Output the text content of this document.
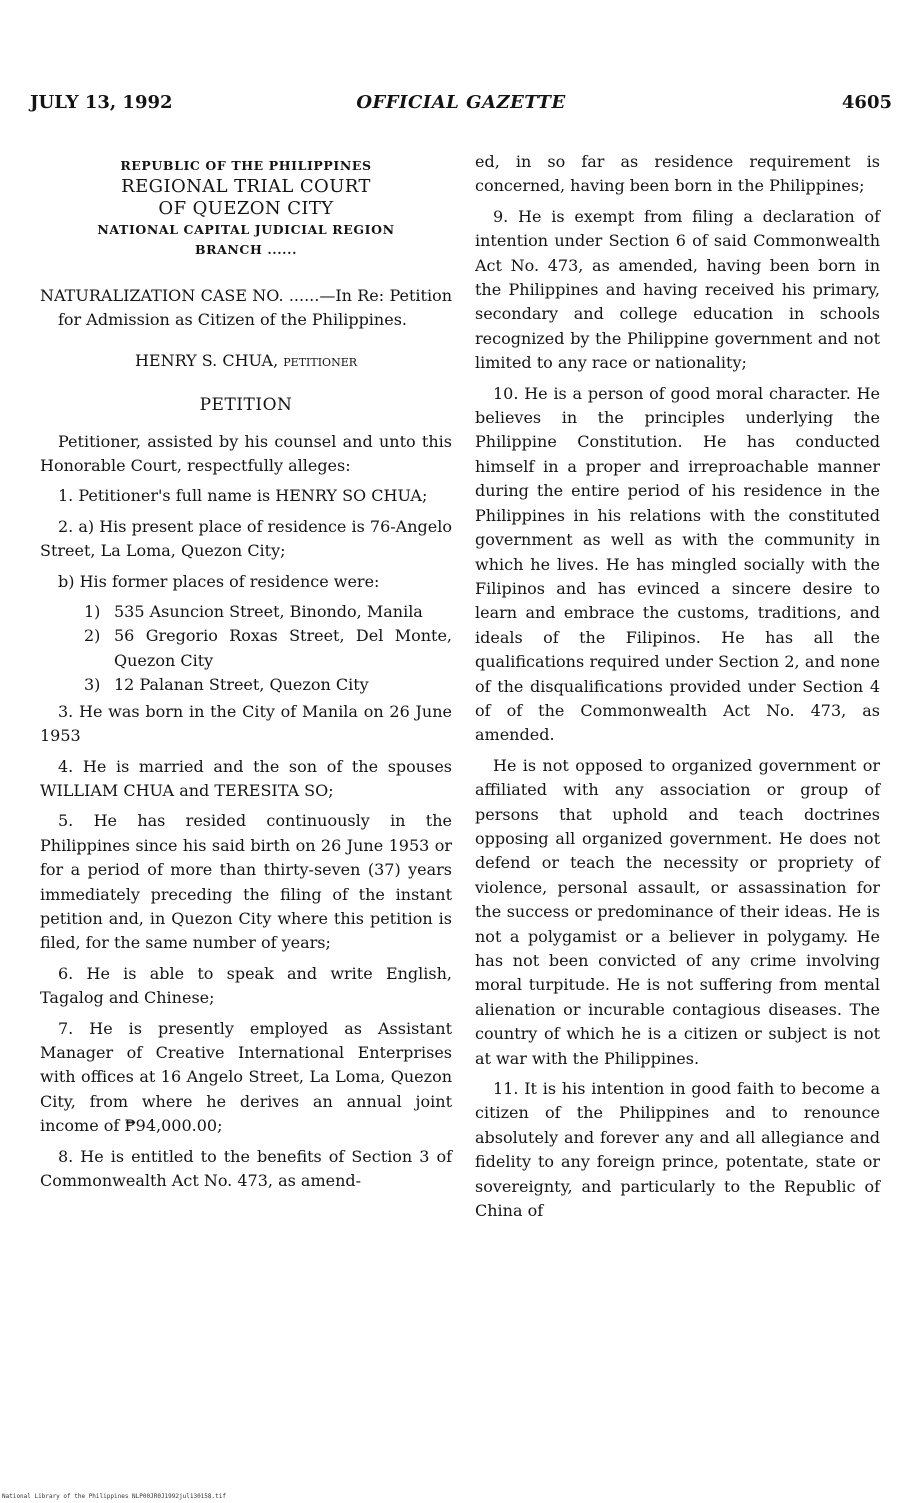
JULY 13, 1992	OFFICIAL GAZETTE	4605
REPUBLIC OF THE PHILIPPINES
REGIONAL TRIAL COURT
OF QUEZON CITY
NATIONAL CAPITAL JUDICIAL REGION
BRANCH ......

NATURALIZATION CASE NO. ......—In Re: Petition for Admission as Citizen of the Philippines.

HENRY S. CHUA, petitioner

PETITION

Petitioner, assisted by his counsel and unto this Honorable Court, respectfully alleges:

1. Petitioner's full name is HENRY SO CHUA;

2. a) His present place of residence is 76-Angelo Street, La Loma, Quezon City;

b) His former places of residence were:

1) 535 Asuncion Street, Binondo, Manila
2) 56 Gregorio Roxas Street, Del Monte, Quezon City
3) 12 Palanan Street, Quezon City

3. He was born in the City of Manila on 26 June 1953

4. He is married and the son of the spouses WILLIAM CHUA and TERESITA SO;

5. He has resided continuously in the Philippines since his said birth on 26 June 1953 or for a period of more than thirty-seven (37) years immediately preceding the filing of the instant petition and, in Quezon City where this petition is filed, for the same number of years;

6. He is able to speak and write English, Tagalog and Chinese;

7. He is presently employed as Assistant Manager of Creative International Enterprises with offices at 16 Angelo Street, La Loma, Quezon City, from where he derives an annual joint income of ₱94,000.00;

8. He is entitled to the benefits of Section 3 of Commonwealth Act No. 473, as amend-

ed, in so far as residence requirement is concerned, having been born in the Philippines;

9. He is exempt from filing a declaration of intention under Section 6 of said Commonwealth Act No. 473, as amended, having been born in the Philippines and having received his primary, secondary and college education in schools recognized by the Philippine government and not limited to any race or nationality;

10. He is a person of good moral character. He believes in the principles underlying the Philippine Constitution. He has conducted himself in a proper and irreproachable manner during the entire period of his residence in the Philippines in his relations with the constituted government as well as with the community in which he lives. He has mingled socially with the Filipinos and has evinced a sincere desire to learn and embrace the customs, traditions, and ideals of the Filipinos. He has all the qualifications required under Section 2, and none of the disqualifications provided under Section 4 of of the Commonwealth Act No. 473, as amended.

He is not opposed to organized government or affiliated with any association or group of persons that uphold and teach doctrines opposing all organized government. He does not defend or teach the necessity or propriety of violence, personal assault, or assassination for the success or predominance of their ideas. He is not a polygamist or a believer in polygamy. He has not been convicted of any crime involving moral turpitude. He is not suffering from mental alienation or incurable contagious diseases. The country of which he is a citizen or subject is not at war with the Philippines.

11. It is his intention in good faith to become a citizen of the Philippines and to renounce absolutely and forever any and all allegiance and fidelity to any foreign prince, potentate, state or sovereignty, and particularly to the Republic of China of

National Library of the Philippines NLP00JR0J1992jul130158.tif
